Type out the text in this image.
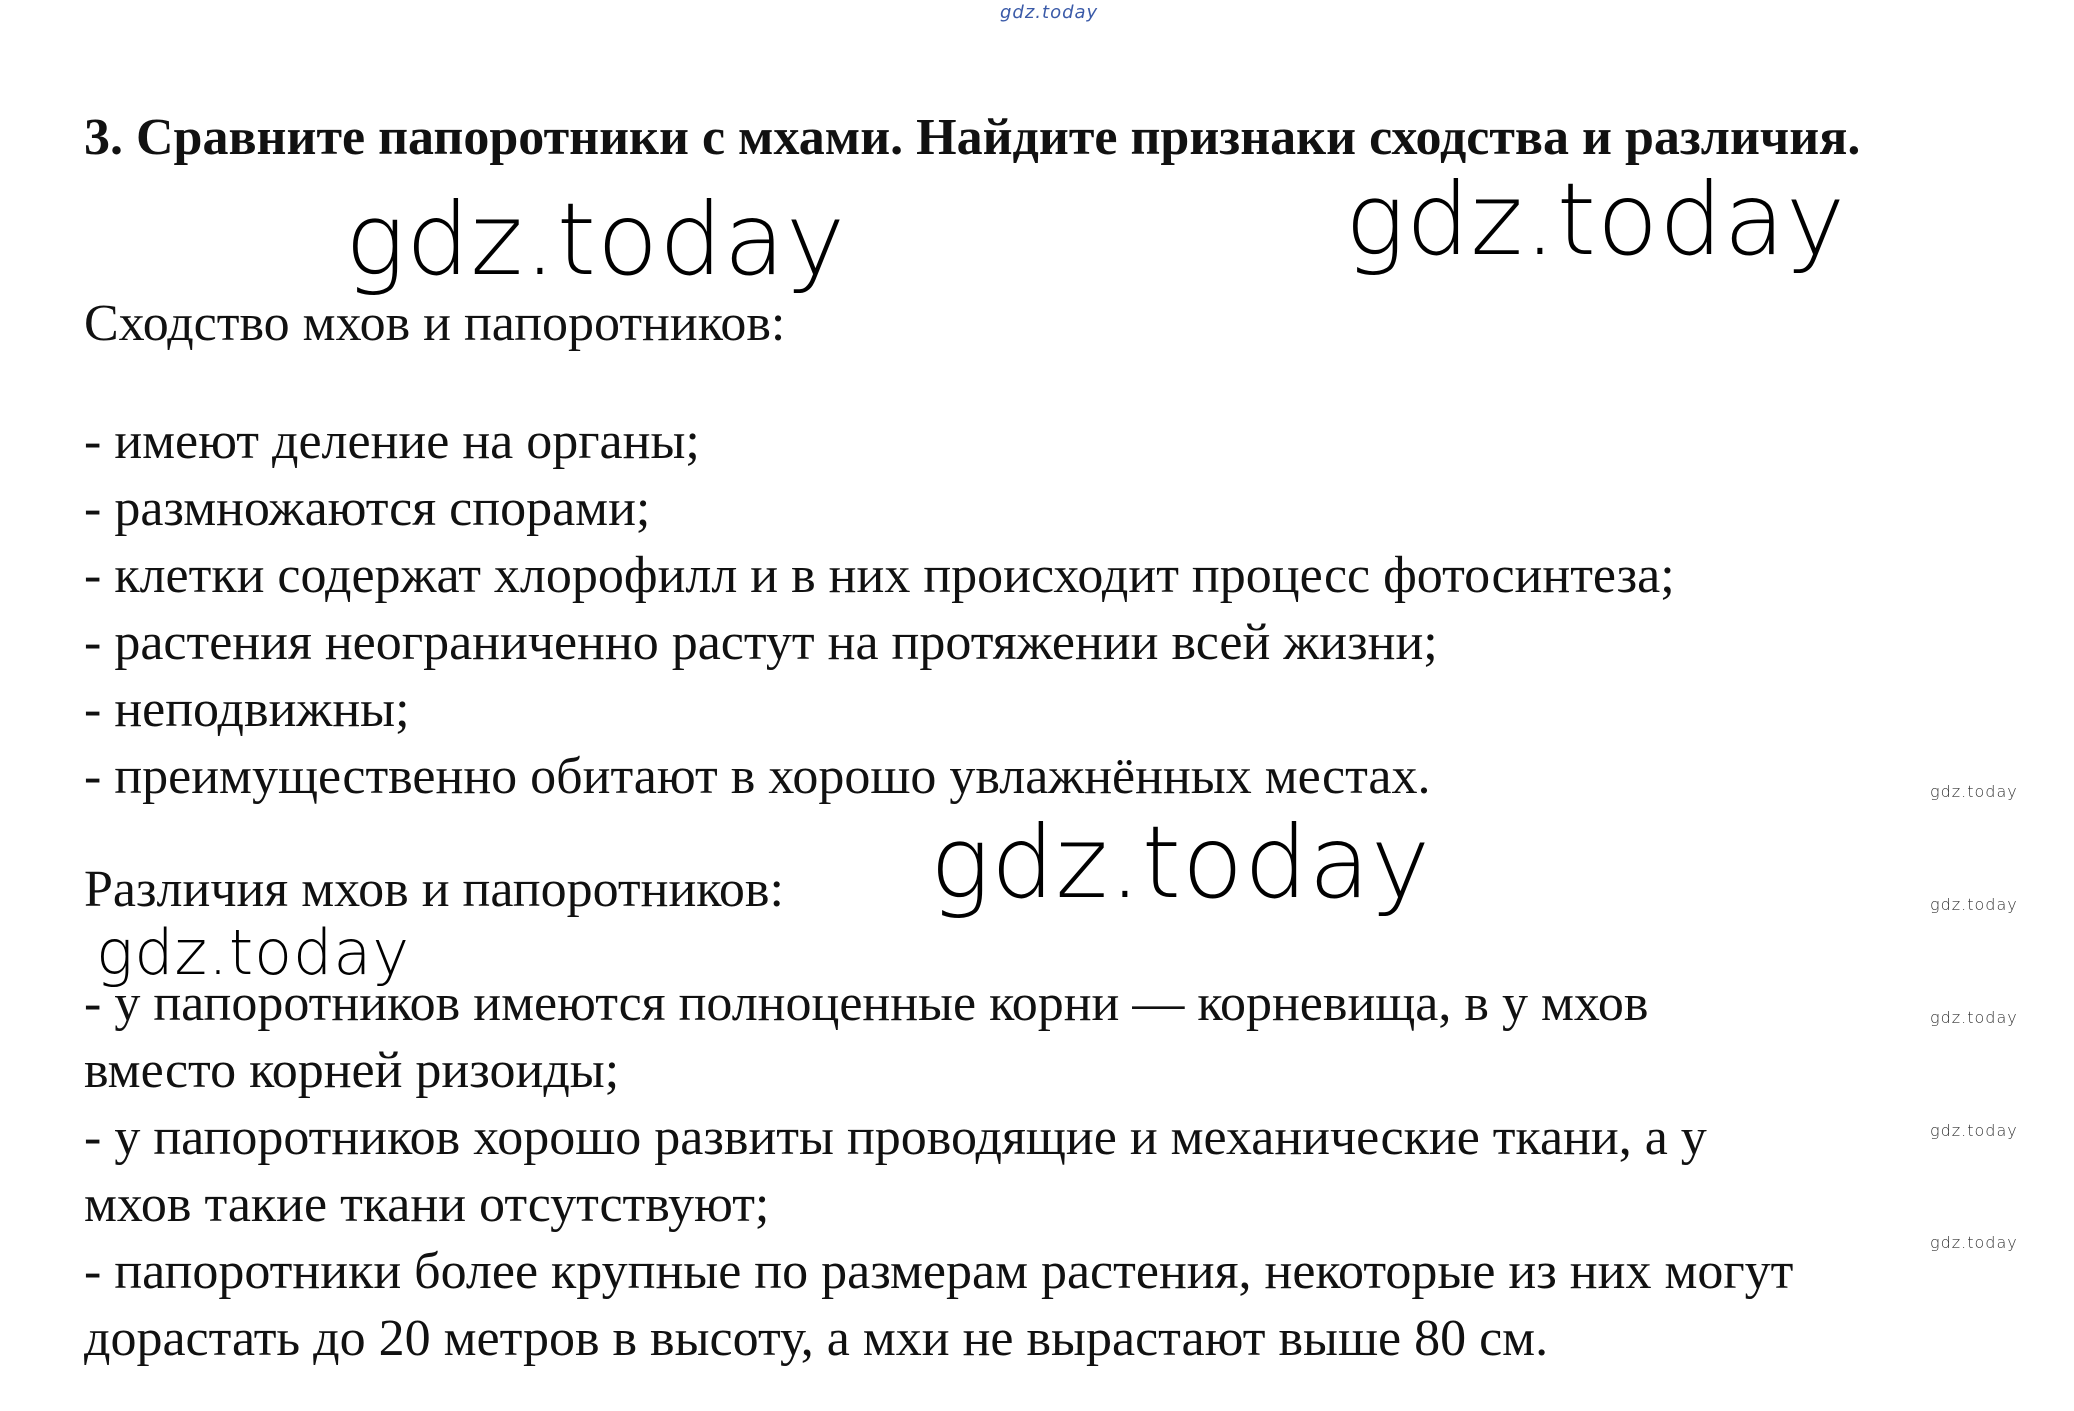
gdz.today

3. Сравните папоротники с мхами. Найдите признаки сходства и различия.

gdz.today	gdz.today

Сходство мхов и папоротников:

- имеют деление на органы;

- размножаются спорами;

- клетки содержат хлорофилл и в них происходит процесс фотосинтеза;

- растения неограниченно растут на протяжении всей жизни;

- неподвижны;

- преимущественно обитают в хорошо увлажнённых местах.	gdz.today
gdz.today

Различия мхов и папоротников:	gdz.today
gdz.today

- у папоротников имеются полноценные корни — корневища, в у мхов

вместо корней ризоиды;

- у папоротников хорошо развиты проводящие и механические ткани, а у

мхов такие ткани отсутствуют;

- папоротники более крупные по размерам растения, некоторые из них могут

дорастать до 20 метров в высоту, а мхи не вырастают выше 80 см.

gdz.today
gdz.today
gdz.today
